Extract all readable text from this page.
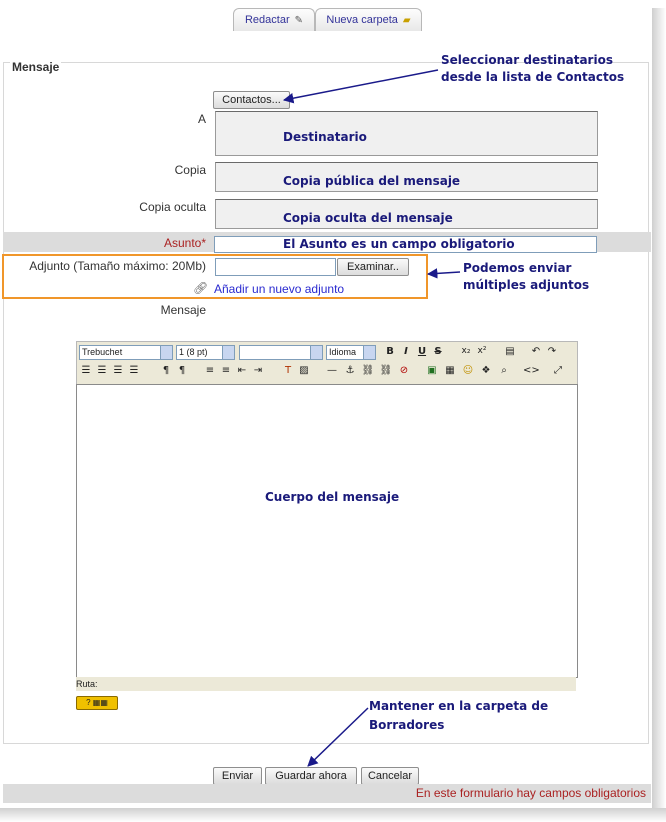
Redactar ✎	Nueva carpeta ▰
Mensaje
Contactos...
A
Copia
Copia oculta
Asunto*
Adjunto (Tamaño máximo: 20Mb)	Examinar..
🔗︎ Añadir un nuevo adjunto
Mensaje
Trebuchet	1 (8 pt)	Idioma	B	I	U S	x₂ x² ▤ ↶ ↷
☰ ☰ ☰ ☰	¶ ¶	≡ ≡ ⇤ ⇥	T ▨ — ⚓ ⛓ ⛓ ⊘ ▣ ▦ ☺ ❖	⌕	<>	⤢
Ruta:
? ▦▦
Enviar	Guardar ahora	Cancelar
En este formulario hay campos obligatorios
Seleccionar destinatarios desde la lista de Contactos
Destinatario
Copia pública del mensaje
Copia oculta del mensaje
El Asunto es un campo obligatorio
Podemos enviar múltiples adjuntos
Cuerpo del mensaje
Mantener en la carpeta de Borradores
